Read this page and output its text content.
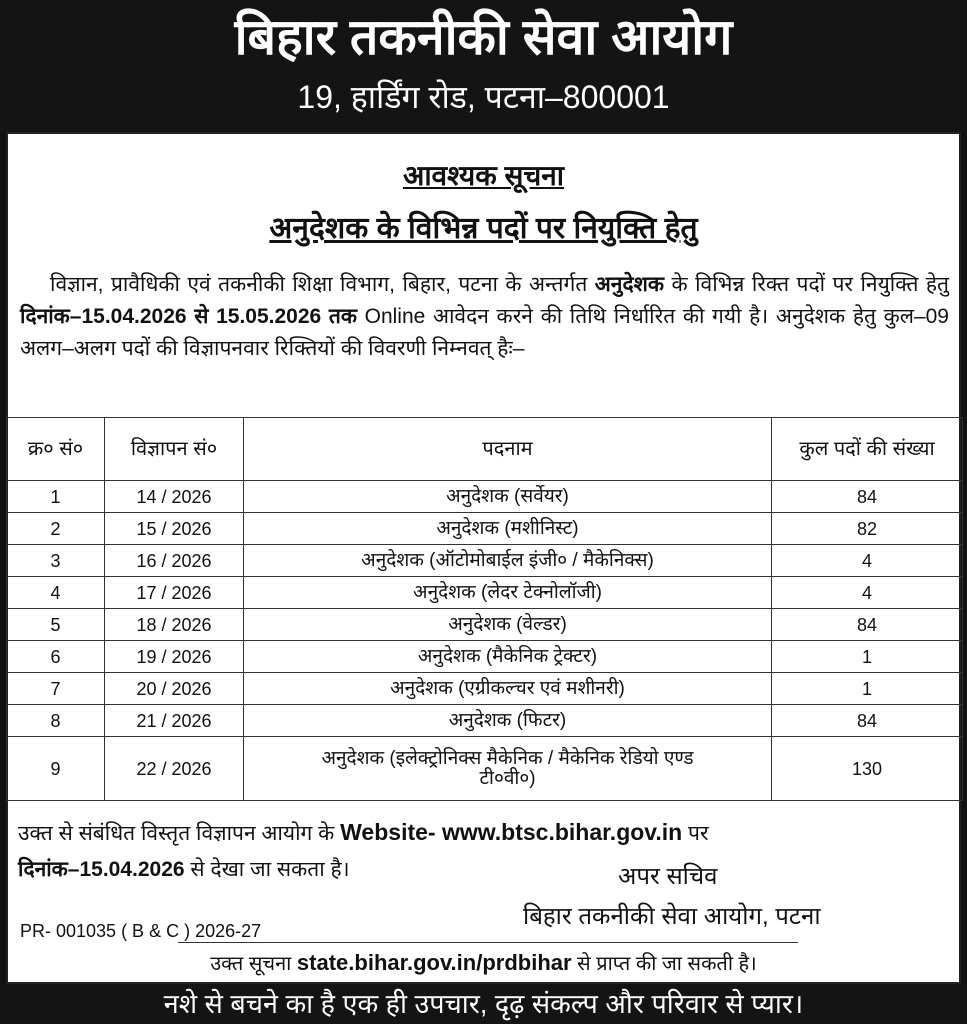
बिहार तकनीकी सेवा आयोग
19, हार्डिंग रोड, पटना–800001
आवश्यक सूचना
अनुदेशक के विभिन्न पदों पर नियुक्ति हेतु
विज्ञान, प्रावैधिकी एवं तकनीकी शिक्षा विभाग, बिहार, पटना के अन्तर्गत अनुदेशक के विभिन्न रिक्त पदों पर नियुक्ति हेतु दिनांक–15.04.2026 से 15.05.2026 तक Online आवेदन करने की तिथि निर्धारित की गयी है। अनुदेशक हेतु कुल–09 अलग–अलग पदों की विज्ञापनवार रिक्तियों की विवरणी निम्नवत् हैः–
क्र० सं०	विज्ञापन सं०	पदनाम	कुल पदों की संख्या
1	14 / 2026	अनुदेशक (सर्वेयर)	84
2	15 / 2026	अनुदेशक (मशीनिस्ट)	82
3	16 / 2026	अनुदेशक (ऑटोमोबाईल इंजी० / मैकेनिक्स)	4
4	17 / 2026	अनुदेशक (लेदर टेक्नोलॉजी)	4
5	18 / 2026	अनुदेशक (वेल्डर)	84
6	19 / 2026	अनुदेशक (मैकेनिक ट्रेक्टर)	1
7	20 / 2026	अनुदेशक (एग्रीकल्चर एवं मशीनरी)	1
8	21 / 2026	अनुदेशक (फिटर)	84
9	22 / 2026	अनुदेशक (इलेक्ट्रोनिक्स मैकेनिक / मैकेनिक रेडियो एण्ड टी०वी०)	130
उक्त से संबंधित विस्तृत विज्ञापन आयोग के Website- www.btsc.bihar.gov.in पर
दिनांक–15.04.2026 से देखा जा सकता है।	अपर सचिव
बिहार तकनीकी सेवा आयोग, पटना
PR- 001035 ( B & C ) 2026-27
उक्त सूचना state.bihar.gov.in/prdbihar से प्राप्त की जा सकती है।
नशे से बचने का है एक ही उपचार, दृढ़ संकल्प और परिवार से प्यार।
